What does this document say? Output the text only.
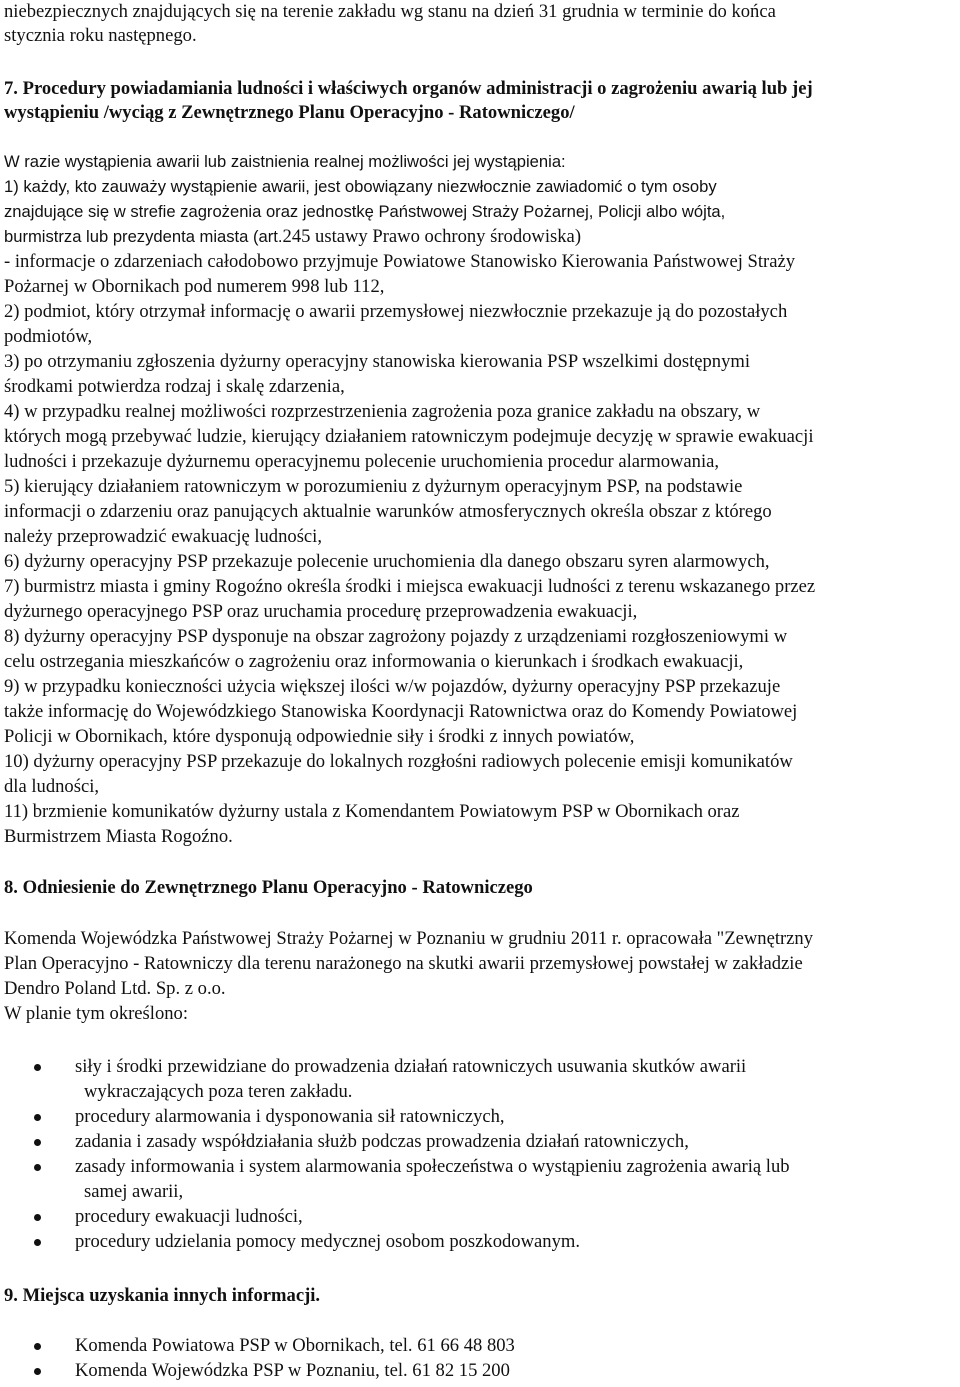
niebezpiecznych znajdujących się na terenie zakładu wg stanu na dzień 31 grudnia w terminie do końca
stycznia roku następnego.
7. Procedury powiadamiania ludności i właściwych organów administracji o zagrożeniu awarią lub jej
wystąpieniu /wyciąg z Zewnętrznego Planu Operacyjno - Ratowniczego/
W razie wystąpienia awarii lub zaistnienia realnej możliwości jej wystąpienia:
1) każdy, kto zauważy wystąpienie awarii, jest obowiązany niezwłocznie zawiadomić o tym osoby
znajdujące się w strefie zagrożenia oraz jednostkę Państwowej Straży Pożarnej, Policji albo wójta,
burmistrza lub prezydenta miasta (art.245 ustawy Prawo ochrony środowiska)
- informacje o zdarzeniach całodobowo przyjmuje Powiatowe Stanowisko Kierowania Państwowej Straży
Pożarnej w Obornikach pod numerem 998 lub 112,
2) podmiot, który otrzymał informację o awarii przemysłowej niezwłocznie przekazuje ją do pozostałych
podmiotów,
3) po otrzymaniu zgłoszenia dyżurny operacyjny stanowiska kierowania PSP wszelkimi dostępnymi
środkami potwierdza rodzaj i skalę zdarzenia,
4) w przypadku realnej możliwości rozprzestrzenienia zagrożenia poza granice zakładu na obszary, w
których mogą przebywać ludzie, kierujący działaniem ratowniczym podejmuje decyzję w sprawie ewakuacji
ludności i przekazuje dyżurnemu operacyjnemu polecenie uruchomienia procedur alarmowania,
5) kierujący działaniem ratowniczym w porozumieniu z dyżurnym operacyjnym PSP, na podstawie
informacji o zdarzeniu oraz panujących aktualnie warunków atmosferycznych określa obszar z którego
należy przeprowadzić ewakuację ludności,
6) dyżurny operacyjny PSP przekazuje polecenie uruchomienia dla danego obszaru syren alarmowych,
7) burmistrz miasta i gminy Rogoźno określa środki i miejsca ewakuacji ludności z terenu wskazanego przez
dyżurnego operacyjnego PSP oraz uruchamia procedurę przeprowadzenia ewakuacji,
8) dyżurny operacyjny PSP dysponuje na obszar zagrożony pojazdy z urządzeniami rozgłoszeniowymi w
celu ostrzegania mieszkańców o zagrożeniu oraz informowania o kierunkach i środkach ewakuacji,
9) w przypadku konieczności użycia większej ilości w/w pojazdów, dyżurny operacyjny PSP przekazuje
także informację do Wojewódzkiego Stanowiska Koordynacji Ratownictwa oraz do Komendy Powiatowej
Policji w Obornikach, które dysponują odpowiednie siły i środki z innych powiatów,
10) dyżurny operacyjny PSP przekazuje do lokalnych rozgłośni radiowych polecenie emisji komunikatów
dla ludności,
11) brzmienie komunikatów dyżurny ustala z Komendantem Powiatowym PSP w Obornikach oraz
Burmistrzem Miasta Rogoźno.
8. Odniesienie do Zewnętrznego Planu Operacyjno - Ratowniczego
Komenda Wojewódzka Państwowej Straży Pożarnej w Poznaniu w grudniu 2011 r. opracowała "Zewnętrzny
Plan Operacyjno - Ratowniczy dla terenu narażonego na skutki awarii przemysłowej powstałej w zakładzie
Dendro Poland Ltd. Sp. z o.o.
W planie tym określono:
siły i środki przewidziane do prowadzenia działań ratowniczych usuwania skutków awarii
wykraczających poza teren zakładu.
procedury alarmowania i dysponowania sił ratowniczych,
zadania i zasady współdziałania służb podczas prowadzenia działań ratowniczych,
zasady informowania i system alarmowania społeczeństwa o wystąpieniu zagrożenia awarią lub
samej awarii,
procedury ewakuacji ludności,
procedury udzielania pomocy medycznej osobom poszkodowanym.
9. Miejsca uzyskania innych informacji.
Komenda Powiatowa PSP w Obornikach, tel. 61 66 48 803
Komenda Wojewódzka PSP w Poznaniu, tel. 61 82 15 200
